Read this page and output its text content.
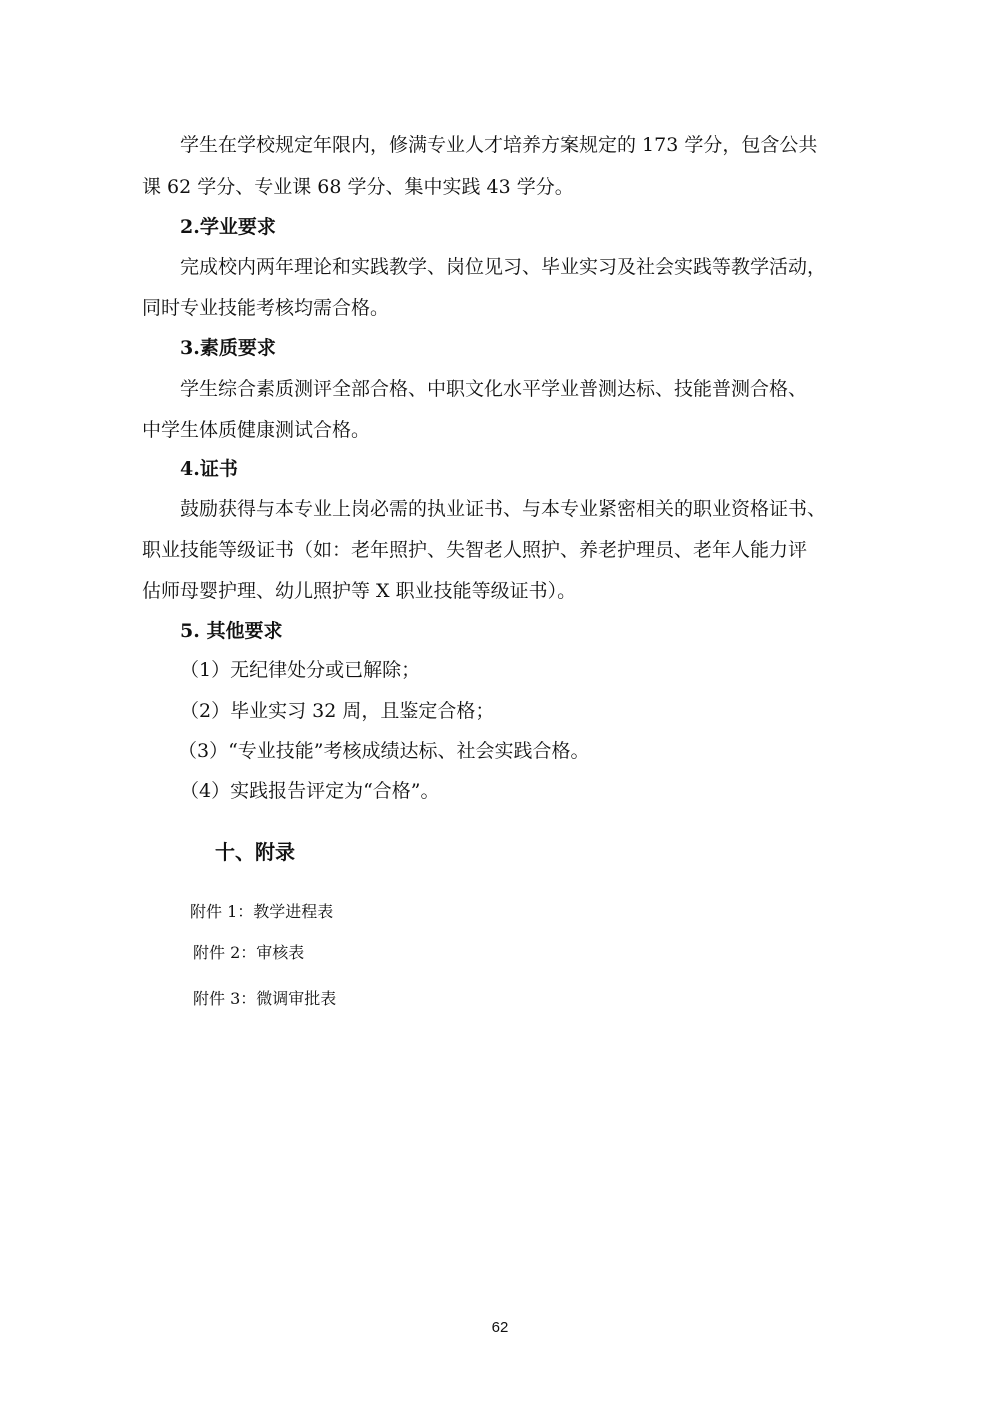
学生在学校规定年限内，修满专业人才培养方案规定的 173 学分，包含公共
课 62 学分、专业课 68 学分、集中实践 43 学分。
2.学业要求
完成校内两年理论和实践教学、岗位见习、毕业实习及社会实践等教学活动，
同时专业技能考核均需合格。
3.素质要求
学生综合素质测评全部合格、中职文化水平学业普测达标、技能普测合格、
中学生体质健康测试合格。
4.证书
鼓励获得与本专业上岗必需的执业证书、与本专业紧密相关的职业资格证书、
职业技能等级证书（如：老年照护、失智老人照护、养老护理员、老年人能力评
估师母婴护理、幼儿照护等 X 职业技能等级证书）。
5. 其他要求
（1）无纪律处分或已解除；
（2）毕业实习 32 周，且鉴定合格；
（3）“专业技能”考核成绩达标、社会实践合格。
（4）实践报告评定为“合格”。
十、附录
附件 1：教学进程表
附件 2：审核表
附件 3：微调审批表
62
